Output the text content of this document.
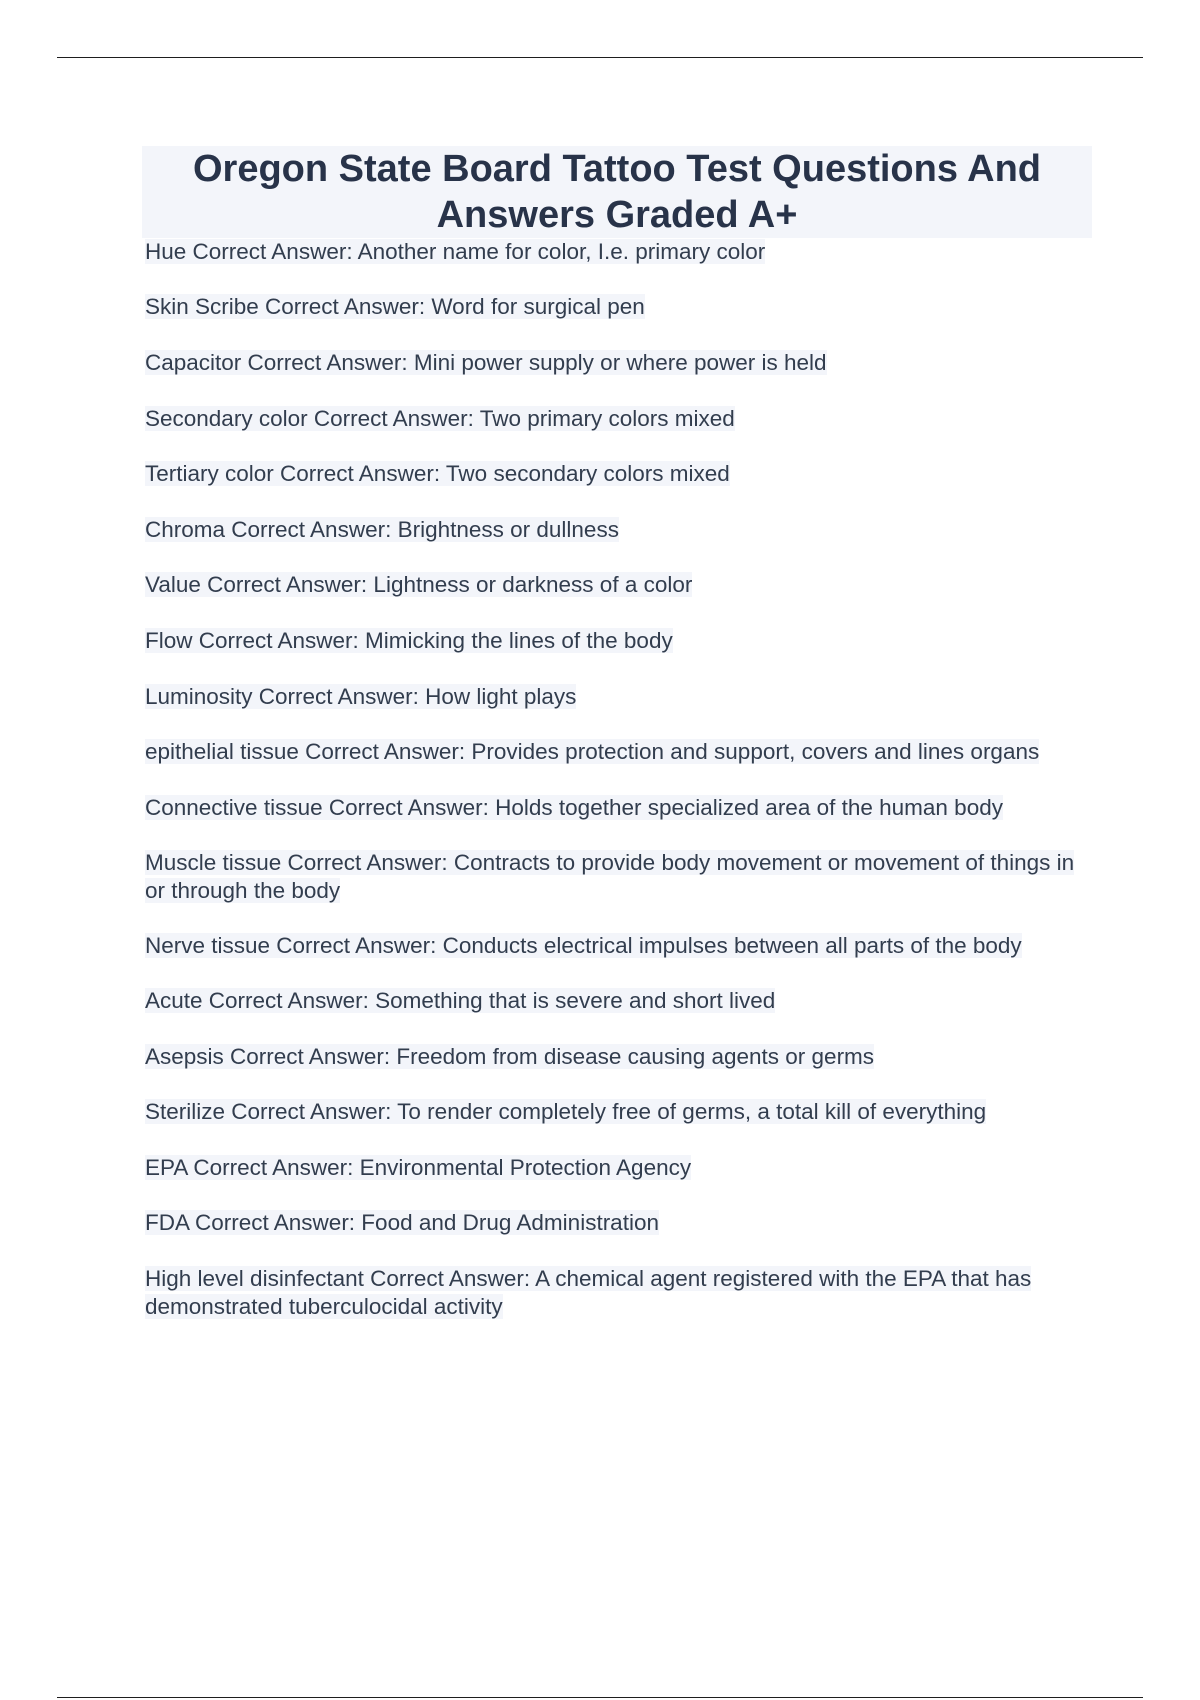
Oregon State Board Tattoo Test Questions And Answers Graded A+
Hue Correct Answer: Another name for color, I.e. primary color
Skin Scribe Correct Answer: Word for surgical pen
Capacitor Correct Answer: Mini power supply or where power is held
Secondary color Correct Answer: Two primary colors mixed
Tertiary color Correct Answer: Two secondary colors mixed
Chroma Correct Answer: Brightness or dullness
Value Correct Answer: Lightness or darkness of a color
Flow Correct Answer: Mimicking the lines of the body
Luminosity Correct Answer: How light plays
epithelial tissue Correct Answer: Provides protection and support, covers and lines organs
Connective tissue Correct Answer: Holds together specialized area of the human body
Muscle tissue Correct Answer: Contracts to provide body movement or movement of things in or through the body
Nerve tissue Correct Answer: Conducts electrical impulses between all parts of the body
Acute Correct Answer: Something that is severe and short lived
Asepsis Correct Answer: Freedom from disease causing agents or germs
Sterilize Correct Answer: To render completely free of germs, a total kill of everything
EPA Correct Answer: Environmental Protection Agency
FDA Correct Answer: Food and Drug Administration
High level disinfectant Correct Answer: A chemical agent registered with the EPA that has demonstrated tuberculocidal activity
